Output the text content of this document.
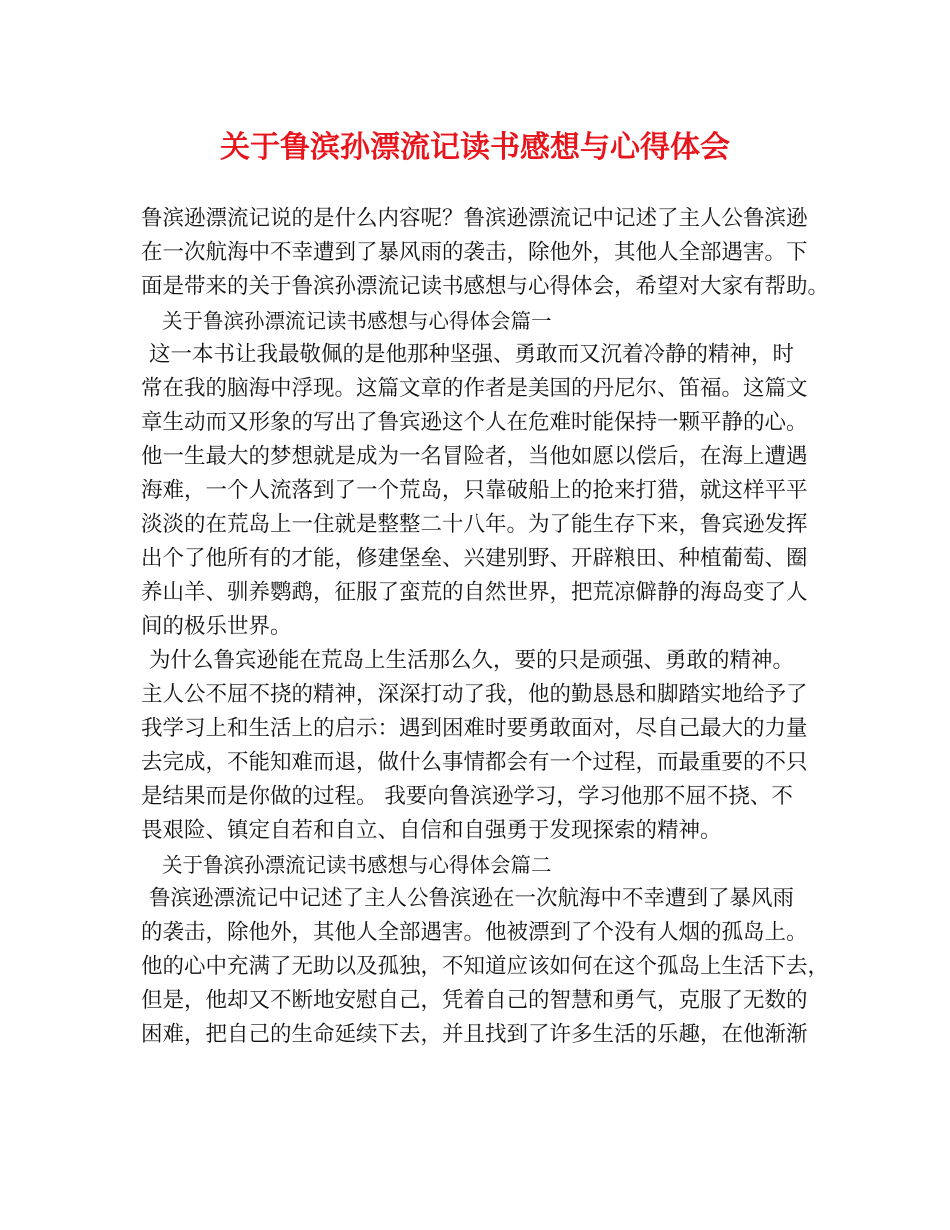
关于鲁滨孙漂流记读书感想与心得体会
鲁滨逊漂流记说的是什么内容呢？鲁滨逊漂流记中记述了主人公鲁滨逊
在一次航海中不幸遭到了暴风雨的袭击，除他外，其他人全部遇害。下
面是带来的关于鲁滨孙漂流记读书感想与心得体会，希望对大家有帮助。
关于鲁滨孙漂流记读书感想与心得体会篇一
这一本书让我最敬佩的是他那种坚强、勇敢而又沉着冷静的精神，时
常在我的脑海中浮现。这篇文章的作者是美国的丹尼尔、笛福。这篇文
章生动而又形象的写出了鲁宾逊这个人在危难时能保持一颗平静的心。
他一生最大的梦想就是成为一名冒险者，当他如愿以偿后，在海上遭遇
海难，一个人流落到了一个荒岛，只靠破船上的抢来打猎，就这样平平
淡淡的在荒岛上一住就是整整二十八年。为了能生存下来，鲁宾逊发挥
出个了他所有的才能，修建堡垒、兴建别野、开辟粮田、种植葡萄、圈
养山羊、驯养鹦鹉，征服了蛮荒的自然世界，把荒凉僻静的海岛变了人
间的极乐世界。
为什么鲁宾逊能在荒岛上生活那么久，要的只是顽强、勇敢的精神。
主人公不屈不挠的精神，深深打动了我，他的勤恳恳和脚踏实地给予了
我学习上和生活上的启示：遇到困难时要勇敢面对，尽自己最大的力量
去完成，不能知难而退，做什么事情都会有一个过程，而最重要的不只
是结果而是你做的过程。 我要向鲁滨逊学习，学习他那不屈不挠、不
畏艰险、镇定自若和自立、自信和自强勇于发现探索的精神。
关于鲁滨孙漂流记读书感想与心得体会篇二
鲁滨逊漂流记中记述了主人公鲁滨逊在一次航海中不幸遭到了暴风雨
的袭击，除他外，其他人全部遇害。他被漂到了个没有人烟的孤岛上。
他的心中充满了无助以及孤独，不知道应该如何在这个孤岛上生活下去，
但是，他却又不断地安慰自己，凭着自己的智慧和勇气，克服了无数的
困难，把自己的生命延续下去，并且找到了许多生活的乐趣，在他渐渐
